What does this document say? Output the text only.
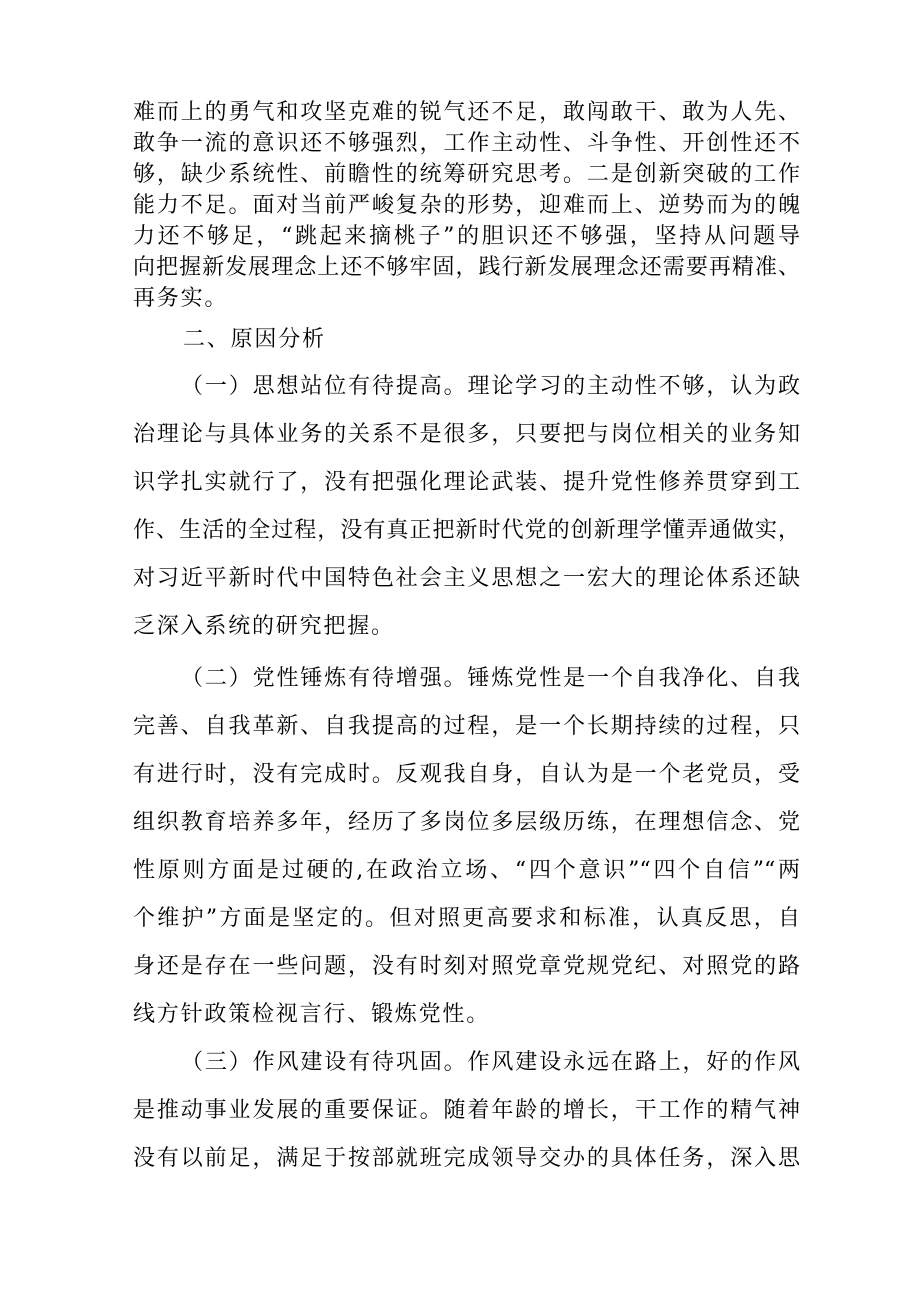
难而上的勇气和攻坚克难的锐气还不足，敢闯敢干、敢为人先、
敢争一流的意识还不够强烈，工作主动性、斗争性、开创性还不
够，缺少系统性、前瞻性的统筹研究思考。二是创新突破的工作
能力不足。面对当前严峻复杂的形势，迎难而上、逆势而为的魄
力还不够足，“跳起来摘桃子”的胆识还不够强，坚持从问题导
向把握新发展理念上还不够牢固，践行新发展理念还需要再精准、
再务实。
二、原因分析
（一）思想站位有待提高。理论学习的主动性不够，认为政
治理论与具体业务的关系不是很多，只要把与岗位相关的业务知
识学扎实就行了，没有把强化理论武装、提升党性修养贯穿到工
作、生活的全过程，没有真正把新时代党的创新理学懂弄通做实，
对习近平新时代中国特色社会主义思想之一宏大的理论体系还缺
乏深入系统的研究把握。
（二）党性锤炼有待增强。锤炼党性是一个自我净化、自我
完善、自我革新、自我提高的过程，是一个长期持续的过程，只
有进行时，没有完成时。反观我自身，自认为是一个老党员，受
组织教育培养多年，经历了多岗位多层级历练，在理想信念、党
性原则方面是过硬的,在政治立场、“四个意识”“四个自信”“两
个维护”方面是坚定的。但对照更高要求和标准，认真反思，自
身还是存在一些问题，没有时刻对照党章党规党纪、对照党的路
线方针政策检视言行、锻炼党性。
（三）作风建设有待巩固。作风建设永远在路上，好的作风
是推动事业发展的重要保证。随着年龄的增长，干工作的精气神
没有以前足，满足于按部就班完成领导交办的具体任务，深入思
